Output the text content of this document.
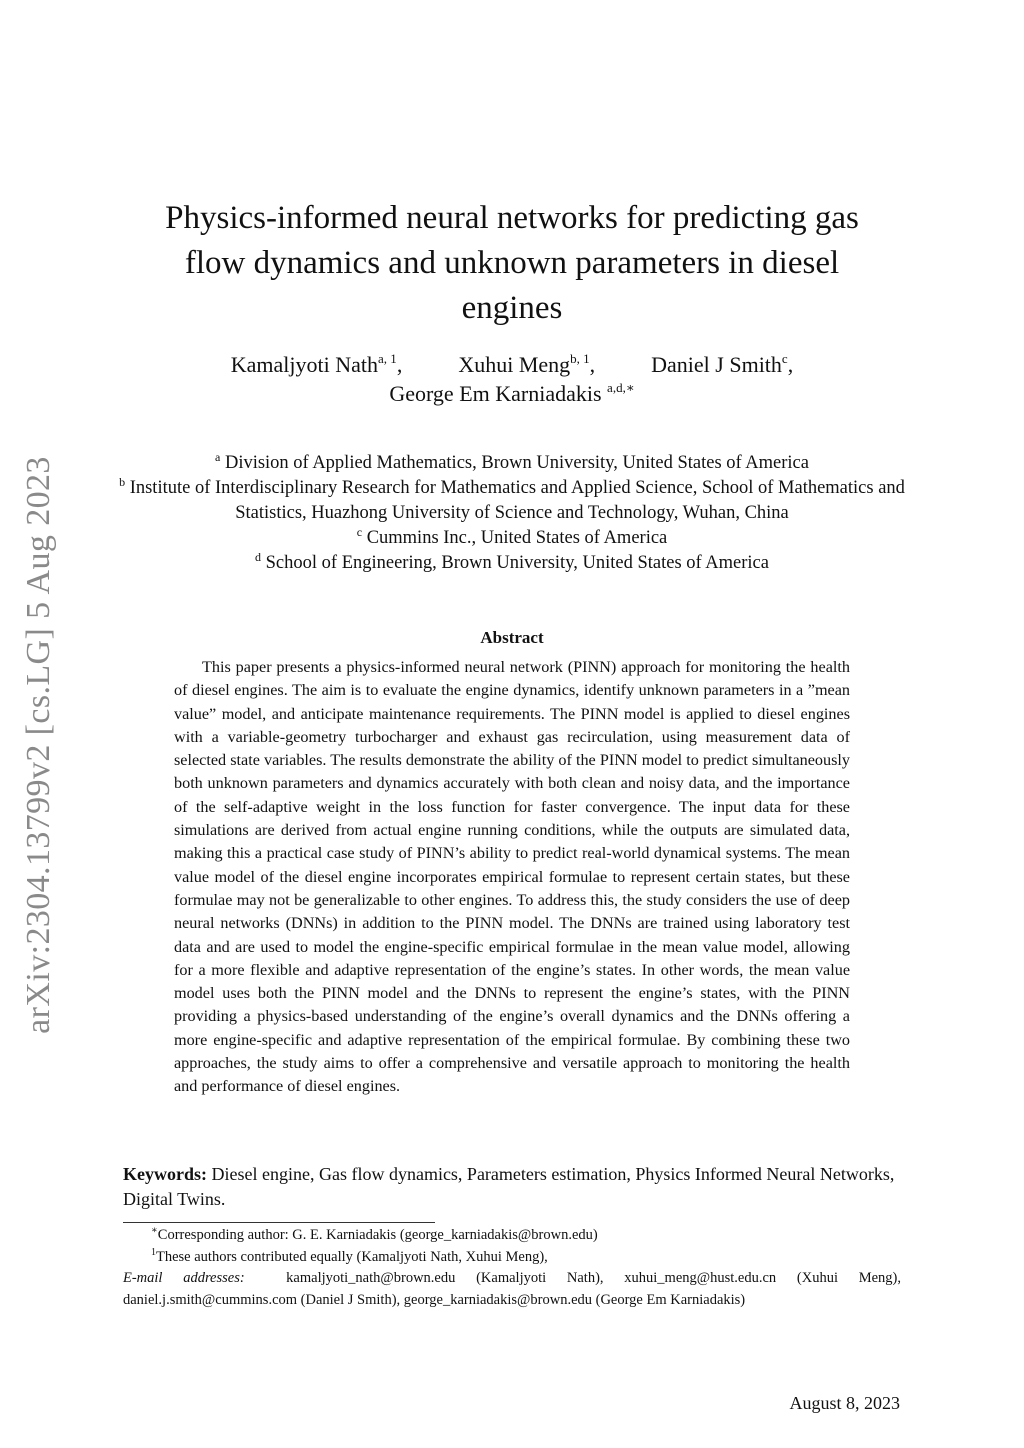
arXiv:2304.13799v2 [cs.LG] 5 Aug 2023
Physics-informed neural networks for predicting gas
flow dynamics and unknown parameters in diesel
engines
Kamaljyoti Nath$^{a, 1}$,	Xuhui Meng$^{b, 1}$,	Daniel J Smith$^c$,
George Em Karniadakis $^{a,d,∗}$
$^a$ Division of Applied Mathematics, Brown University, United States of America
$^b$ Institute of Interdisciplinary Research for Mathematics and Applied Science, School of Mathematics and Statistics, Huazhong University of Science and Technology, Wuhan, China
$^c$ Cummins Inc., United States of America
$^d$ School of Engineering, Brown University, United States of America
Abstract

This paper presents a physics-informed neural network (PINN) approach for monitoring the health of diesel engines. The aim is to evaluate the engine dynamics, identify unknown parameters in a ”mean value” model, and anticipate maintenance requirements. The PINN model is applied to diesel engines with a variable-geometry turbocharger and exhaust gas recirculation, using measurement data of selected state variables. The results demonstrate the ability of the PINN model to predict simultaneously both unknown parameters and dynamics accurately with both clean and noisy data, and the importance of the self-adaptive weight in the loss function for faster convergence. The input data for these simulations are derived from actual engine running conditions, while the outputs are simulated data, making this a practical case study of PINN’s ability to predict real-world dynamical systems. The mean value model of the diesel engine incorporates empirical formulae to represent certain states, but these formulae may not be generalizable to other engines. To address this, the study considers the use of deep neural networks (DNNs) in addition to the PINN model. The DNNs are trained using laboratory test data and are used to model the engine-specific empirical formulae in the mean value model, allowing for a more flexible and adaptive representation of the engine’s states. In other words, the mean value model uses both the PINN model and the DNNs to represent the engine’s states, with the PINN providing a physics-based understanding of the engine’s overall dynamics and the DNNs offering a more engine-specific and adaptive representation of the empirical formulae. By combining these two approaches, the study aims to offer a comprehensive and versatile approach to monitoring the health and performance of diesel engines.

Keywords: Diesel engine, Gas flow dynamics, Parameters estimation, Physics Informed Neural Networks, Digital Twins.

∗Corresponding author: G. E. Karniadakis (george_karniadakis@brown.edu)

$^1$These authors contributed equally (Kamaljyoti Nath, Xuhui Meng),

E-mail addresses:	kamaljyoti_nath@brown.edu (Kamaljyoti Nath), xuhui_meng@hust.edu.cn (Xuhui Meng), daniel.j.smith@cummins.com (Daniel J Smith), george_karniadakis@brown.edu (George Em Karniadakis)

August 8, 2023
